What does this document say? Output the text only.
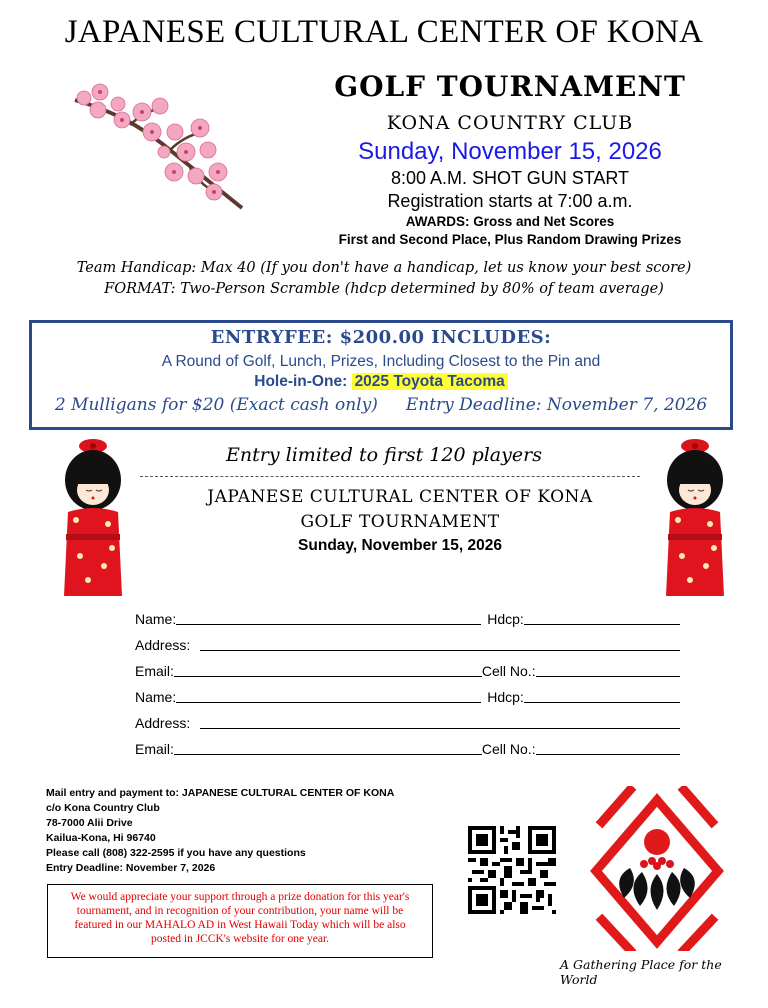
JAPANESE CULTURAL CENTER OF KONA
GOLF TOURNAMENT
KONA COUNTRY CLUB
Sunday, November 15, 2026
8:00 A.M. SHOT GUN START
Registration starts at 7:00 a.m.
AWARDS: Gross and Net Scores
First and Second Place, Plus Random Drawing Prizes
Team Handicap: Max 40 (If you don't have a handicap, let us know your best score)
FORMAT: Two-Person Scramble (hdcp determined by 80% of team average)
ENTRYFEE: $200.00 INCLUDES:
A Round of Golf, Lunch, Prizes, Including Closest to the Pin and
Hole-in-One: 2025 Toyota Tacoma
2 Mulligans for $20 (Exact cash only) Entry Deadline: November 7, 2026
Entry limited to first 120 players
JAPANESE CULTURAL CENTER OF KONA
GOLF TOURNAMENT
Sunday, November 15, 2026
Name:	Hdcp:
Address:
Email:	Cell No.:
Name:	Hdcp:
Address:
Email:	Cell No.:
Mail entry and payment to: JAPANESE CULTURAL CENTER OF KONA
c/o Kona Country Club
78-7000 Alii Drive
Kailua-Kona, Hi 96740
Please call (808) 322-2595 if you have any questions
Entry Deadline: November 7, 2026
We would appreciate your support through a prize donation for this year's tournament, and in recognition of your contribution, your name will be featured in our MAHALO AD in West Hawaii Today which will be also posted in JCCK's website for one year.
A Gathering Place for the World
